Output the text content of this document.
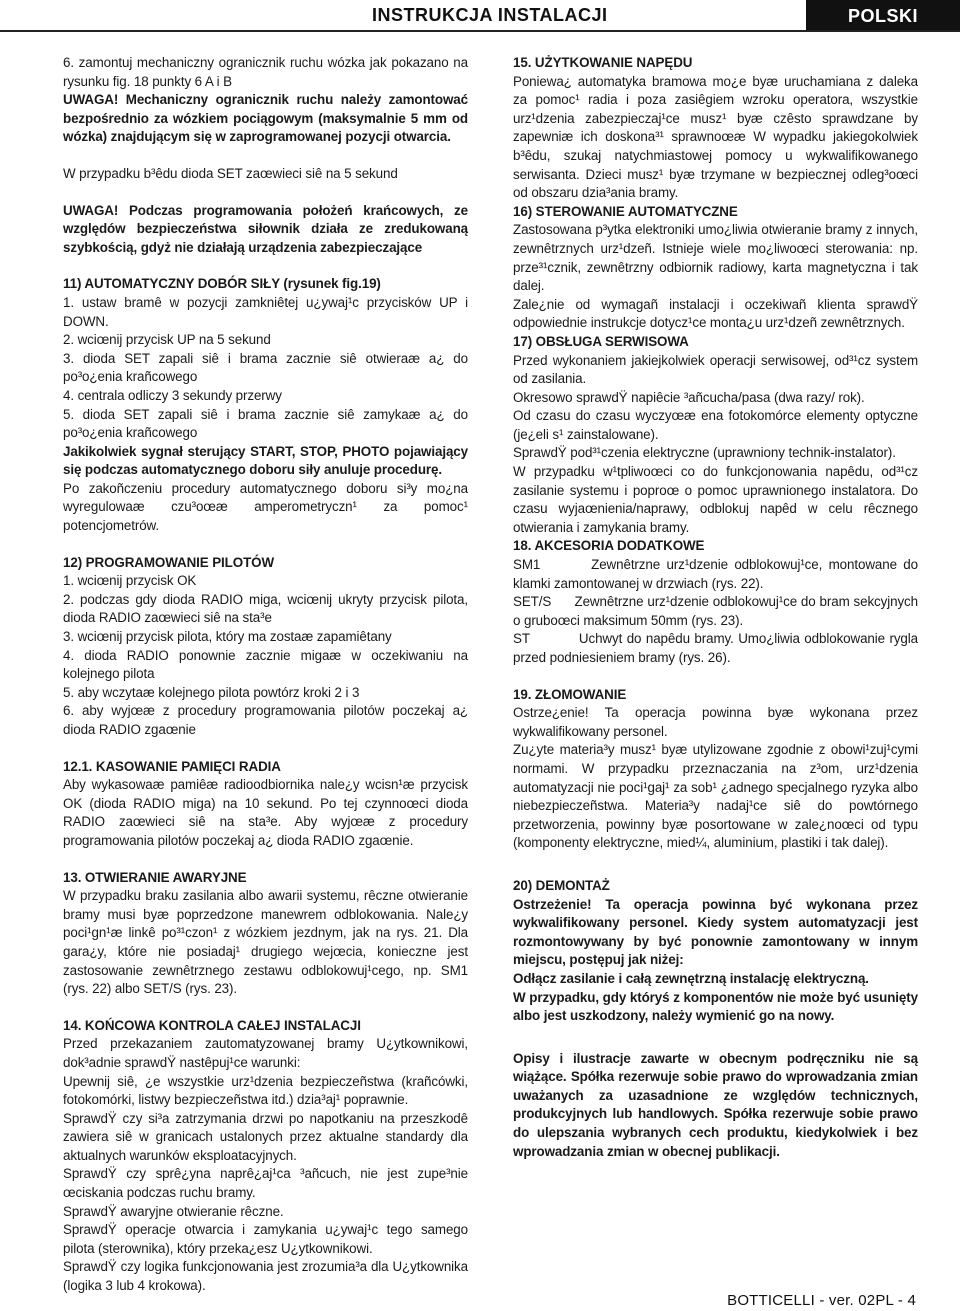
INSTRUKCJA INSTALACJI	POLSKI

6. zamontuj mechaniczny ogranicznik ruchu wózka jak pokazano na rysunku fig. 18 punkty 6 A i B

UWAGA! Mechaniczny ogranicznik ruchu należy zamontować bezpośrednio za wózkiem pociągowym (maksymalnie 5 mm od wózka) znajdującym się w zaprogramowanej pozycji otwarcia.

W przypadku b³êdu dioda SET zaœwieci siê na 5 sekund

UWAGA! Podczas programowania położeń krańcowych, ze względów bezpieczeństwa siłownik działa ze zredukowaną szybkością, gdyż nie działają urządzenia zabezpieczające

11) AUTOMATYCZNY DOBÓR SIŁY (rysunek fig.19)

1. ustaw bramê w pozycji zamkniêtej u¿ywaj¹c przycisków UP i DOWN.

2. wciœnij przycisk UP na 5 sekund

3. dioda SET zapali siê i brama zacznie siê otwieraæ a¿ do po³o¿enia krañcowego

4. centrala odliczy 3 sekundy przerwy

5. dioda SET zapali siê i brama zacznie siê zamykaæ a¿ do po³o¿enia krañcowego

Jakikolwiek sygnał sterujący START, STOP, PHOTO pojawiający się podczas automatycznego doboru siły anuluje procedurę.

Po zakoñczeniu procedury automatycznego doboru si³y mo¿na wyregulowaæ czu³oœæ amperometryczn¹ za pomoc¹ potencjometrów.

12) PROGRAMOWANIE PILOTÓW

1. wciœnij przycisk OK

2. podczas gdy dioda RADIO miga, wciœnij ukryty przycisk pilota, dioda RADIO zaœwieci siê na sta³e

3. wciœnij przycisk pilota, który ma zostaæ zapamiêtany

4. dioda RADIO ponownie zacznie migaæ w oczekiwaniu na kolejnego pilota

5. aby wczytaæ kolejnego pilota powtórz kroki 2 i 3

6. aby wyjœæ z procedury programowania pilotów poczekaj a¿ dioda RADIO zgaœnie

12.1. KASOWANIE PAMIĘCI RADIA

Aby wykasowaæ pamiêæ radioodbiornika nale¿y wcisn¹æ przycisk OK (dioda RADIO miga) na 10 sekund. Po tej czynnoœci dioda RADIO zaœwieci siê na sta³e. Aby wyjœæ z procedury programowania pilotów poczekaj a¿ dioda RADIO zgaœnie.

13. OTWIERANIE AWARYJNE

W przypadku braku zasilania albo awarii systemu, rêczne otwieranie bramy musi byæ poprzedzone manewrem odblokowania. Nale¿y poci¹gn¹æ linkê po³¹czon¹ z wózkiem jezdnym, jak na rys. 21. Dla gara¿y, które nie posiadaj¹ drugiego wejœcia, konieczne jest zastosowanie zewnêtrznego zestawu odblokowuj¹cego, np. SM1 (rys. 22) albo SET/S (rys. 23).

14. KOŃCOWA KONTROLA CAŁEJ INSTALACJI

Przed przekazaniem zautomatyzowanej bramy U¿ytkownikowi, dok³adnie sprawdŸ nastêpuj¹ce warunki:

Upewnij siê, ¿e wszystkie urz¹dzenia bezpieczeñstwa (krañcówki, fotokomórki, listwy bezpieczeñstwa itd.) dzia³aj¹ poprawnie.

SprawdŸ czy si³a zatrzymania drzwi po napotkaniu na przeszkodê zawiera siê w granicach ustalonych przez aktualne standardy dla aktualnych warunków eksploatacyjnych.

SprawdŸ czy sprê¿yna naprê¿aj¹ca ³añcuch, nie jest zupe³nie œciskania podczas ruchu bramy.

SprawdŸ awaryjne otwieranie rêczne.

SprawdŸ operacje otwarcia i zamykania u¿ywaj¹c tego samego pilota (sterownika), który przeka¿esz U¿ytkownikowi.

SprawdŸ czy logika funkcjonowania jest zrozumia³a dla U¿ytkownika (logika 3 lub 4 krokowa).

15. UŻYTKOWANIE NAPĘDU

Poniewa¿ automatyka bramowa mo¿e byæ uruchamiana z daleka za pomoc¹ radia i poza zasiêgiem wzroku operatora, wszystkie urz¹dzenia zabezpieczaj¹ce musz¹ byæ czêsto sprawdzane by zapewniæ ich doskona³¹ sprawnoœæ W wypadku jakiegokolwiek b³êdu, szukaj natychmiastowej pomocy u wykwalifikowanego serwisanta. Dzieci musz¹ byæ trzymane w bezpiecznej odleg³oœci od obszaru dzia³ania bramy.

16) STEROWANIE AUTOMATYCZNE

Zastosowana p³ytka elektroniki umo¿liwia otwieranie bramy z innych, zewnêtrznych urz¹dzeñ. Istnieje wiele mo¿liwoœci sterowania: np. prze³¹cznik, zewnêtrzny odbiornik radiowy, karta magnetyczna i tak dalej.

Zale¿nie od wymagañ instalacji i oczekiwañ klienta sprawdŸ odpowiednie instrukcje dotycz¹ce monta¿u urz¹dzeñ zewnêtrznych.

17) OBSŁUGA SERWISOWA

Przed wykonaniem jakiejkolwiek operacji serwisowej, od³¹cz system od zasilania.

Okresowo sprawdŸ napiêcie ³añcucha/pasa (dwa razy/ rok).

Od czasu do czasu wyczyœæ ena fotokomórce elementy optyczne (je¿eli s¹ zainstalowane).

SprawdŸ pod³¹czenia elektryczne (uprawniony technik-instalator).

W przypadku w¹tpliwoœci co do funkcjonowania napêdu, od³¹cz zasilanie systemu i poproœ o pomoc uprawnionego instalatora. Do czasu wyjaœnienia/naprawy, odblokuj napêd w celu rêcznego otwierania i zamykania bramy.

18. AKCESORIA DODATKOWE

SM1        Zewnêtrzne urz¹dzenie odblokowuj¹ce, montowane do klamki zamontowanej w drzwiach (rys. 22).

SET/S      Zewnêtrzne urz¹dzenie odblokowuj¹ce do bram sekcyjnych o gruboœci maksimum 50mm (rys. 23).

ST           Uchwyt do napêdu bramy. Umo¿liwia odblokowanie rygla przed podniesieniem bramy (rys. 26).

19. ZŁOMOWANIE

Ostrze¿enie! Ta operacja powinna byæ wykonana przez wykwalifikowany personel.

Zu¿yte materia³y musz¹ byæ utylizowane zgodnie z obowi¹zuj¹cymi normami. W przypadku przeznaczania na z³om, urz¹dzenia automatyzacji nie poci¹gaj¹ za sob¹ ¿adnego specjalnego ryzyka albo niebezpieczeñstwa. Materia³y nadaj¹ce siê do powtórnego przetworzenia, powinny byæ posortowane w zale¿noœci od typu (komponenty elektryczne, mied¼, aluminium, plastiki i tak dalej).

20) DEMONTAŻ

Ostrzeżenie! Ta operacja powinna być wykonana przez wykwalifikowany personel. Kiedy system automatyzacji jest rozmontowywany by być ponownie zamontowany w innym miejscu, postępuj jak niżej:

Odłącz zasilanie i całą zewnętrzną instalację elektryczną.

W przypadku, gdy któryś z komponentów nie może być usunięty albo jest uszkodzony, należy wymienić go na nowy.

Opisy i ilustracje zawarte w obecnym podręczniku nie są wiążące. Spółka rezerwuje sobie prawo do wprowadzania zmian uważanych za uzasadnione ze względów technicznych, produkcyjnych lub handlowych. Spółka rezerwuje sobie prawo do ulepszania wybranych cech produktu, kiedykolwiek i bez wprowadzania zmian w obecnej publikacji.

BOTTICELLI - ver. 02PL - 4
